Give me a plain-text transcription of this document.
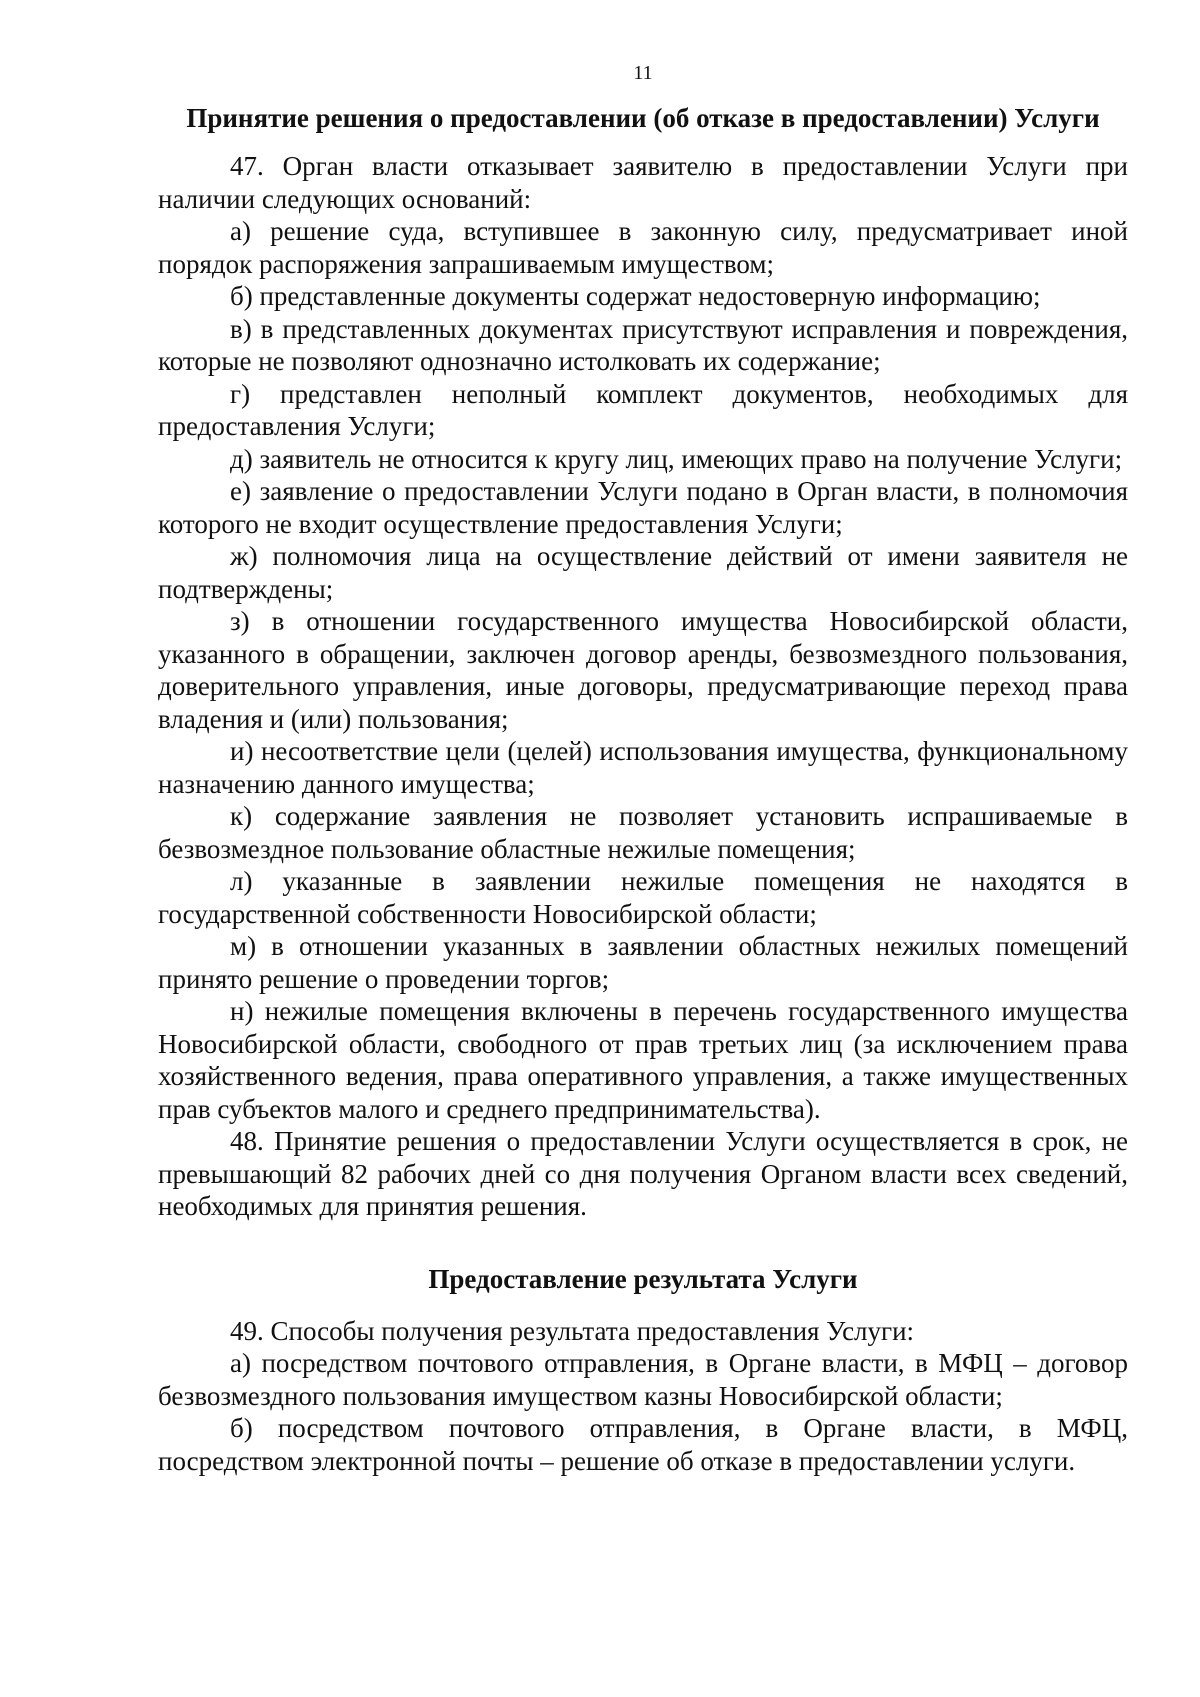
11
Принятие решения о предоставлении (об отказе в предоставлении) Услуги

47. Орган власти отказывает заявителю в предоставлении Услуги при наличии следующих оснований:

а) решение суда, вступившее в законную силу, предусматривает иной порядок распоряжения запрашиваемым имуществом;

б) представленные документы содержат недостоверную информацию;

в) в представленных документах присутствуют исправления и повреждения, которые не позволяют однозначно истолковать их содержание;

г) представлен неполный комплект документов, необходимых для предоставления Услуги;

д) заявитель не относится к кругу лиц, имеющих право на получение Услуги;

е) заявление о предоставлении Услуги подано в Орган власти, в полномочия которого не входит осуществление предоставления Услуги;

ж) полномочия лица на осуществление действий от имени заявителя не подтверждены;

з) в отношении государственного имущества Новосибирской области, указанного в обращении, заключен договор аренды, безвозмездного пользования, доверительного управления, иные договоры, предусматривающие переход права владения и (или) пользования;

и) несоответствие цели (целей) использования имущества, функциональному назначению данного имущества;

к) содержание заявления не позволяет установить испрашиваемые в безвозмездное пользование областные нежилые помещения;

л) указанные в заявлении нежилые помещения не находятся в государственной собственности Новосибирской области;

м) в отношении указанных в заявлении областных нежилых помещений принято решение о проведении торгов;

н) нежилые помещения включены в перечень государственного имущества Новосибирской области, свободного от прав третьих лиц (за исключением права хозяйственного ведения, права оперативного управления, а также имущественных прав субъектов малого и среднего предпринимательства).

48. Принятие решения о предоставлении Услуги осуществляется в срок, не превышающий 82 рабочих дней со дня получения Органом власти всех сведений, необходимых для принятия решения.

Предоставление результата Услуги

49. Способы получения результата предоставления Услуги:

а) посредством почтового отправления, в Органе власти, в МФЦ – договор безвозмездного пользования имуществом казны Новосибирской области;

б) посредством почтового отправления, в Органе власти, в МФЦ, посредством электронной почты – решение об отказе в предоставлении услуги.
